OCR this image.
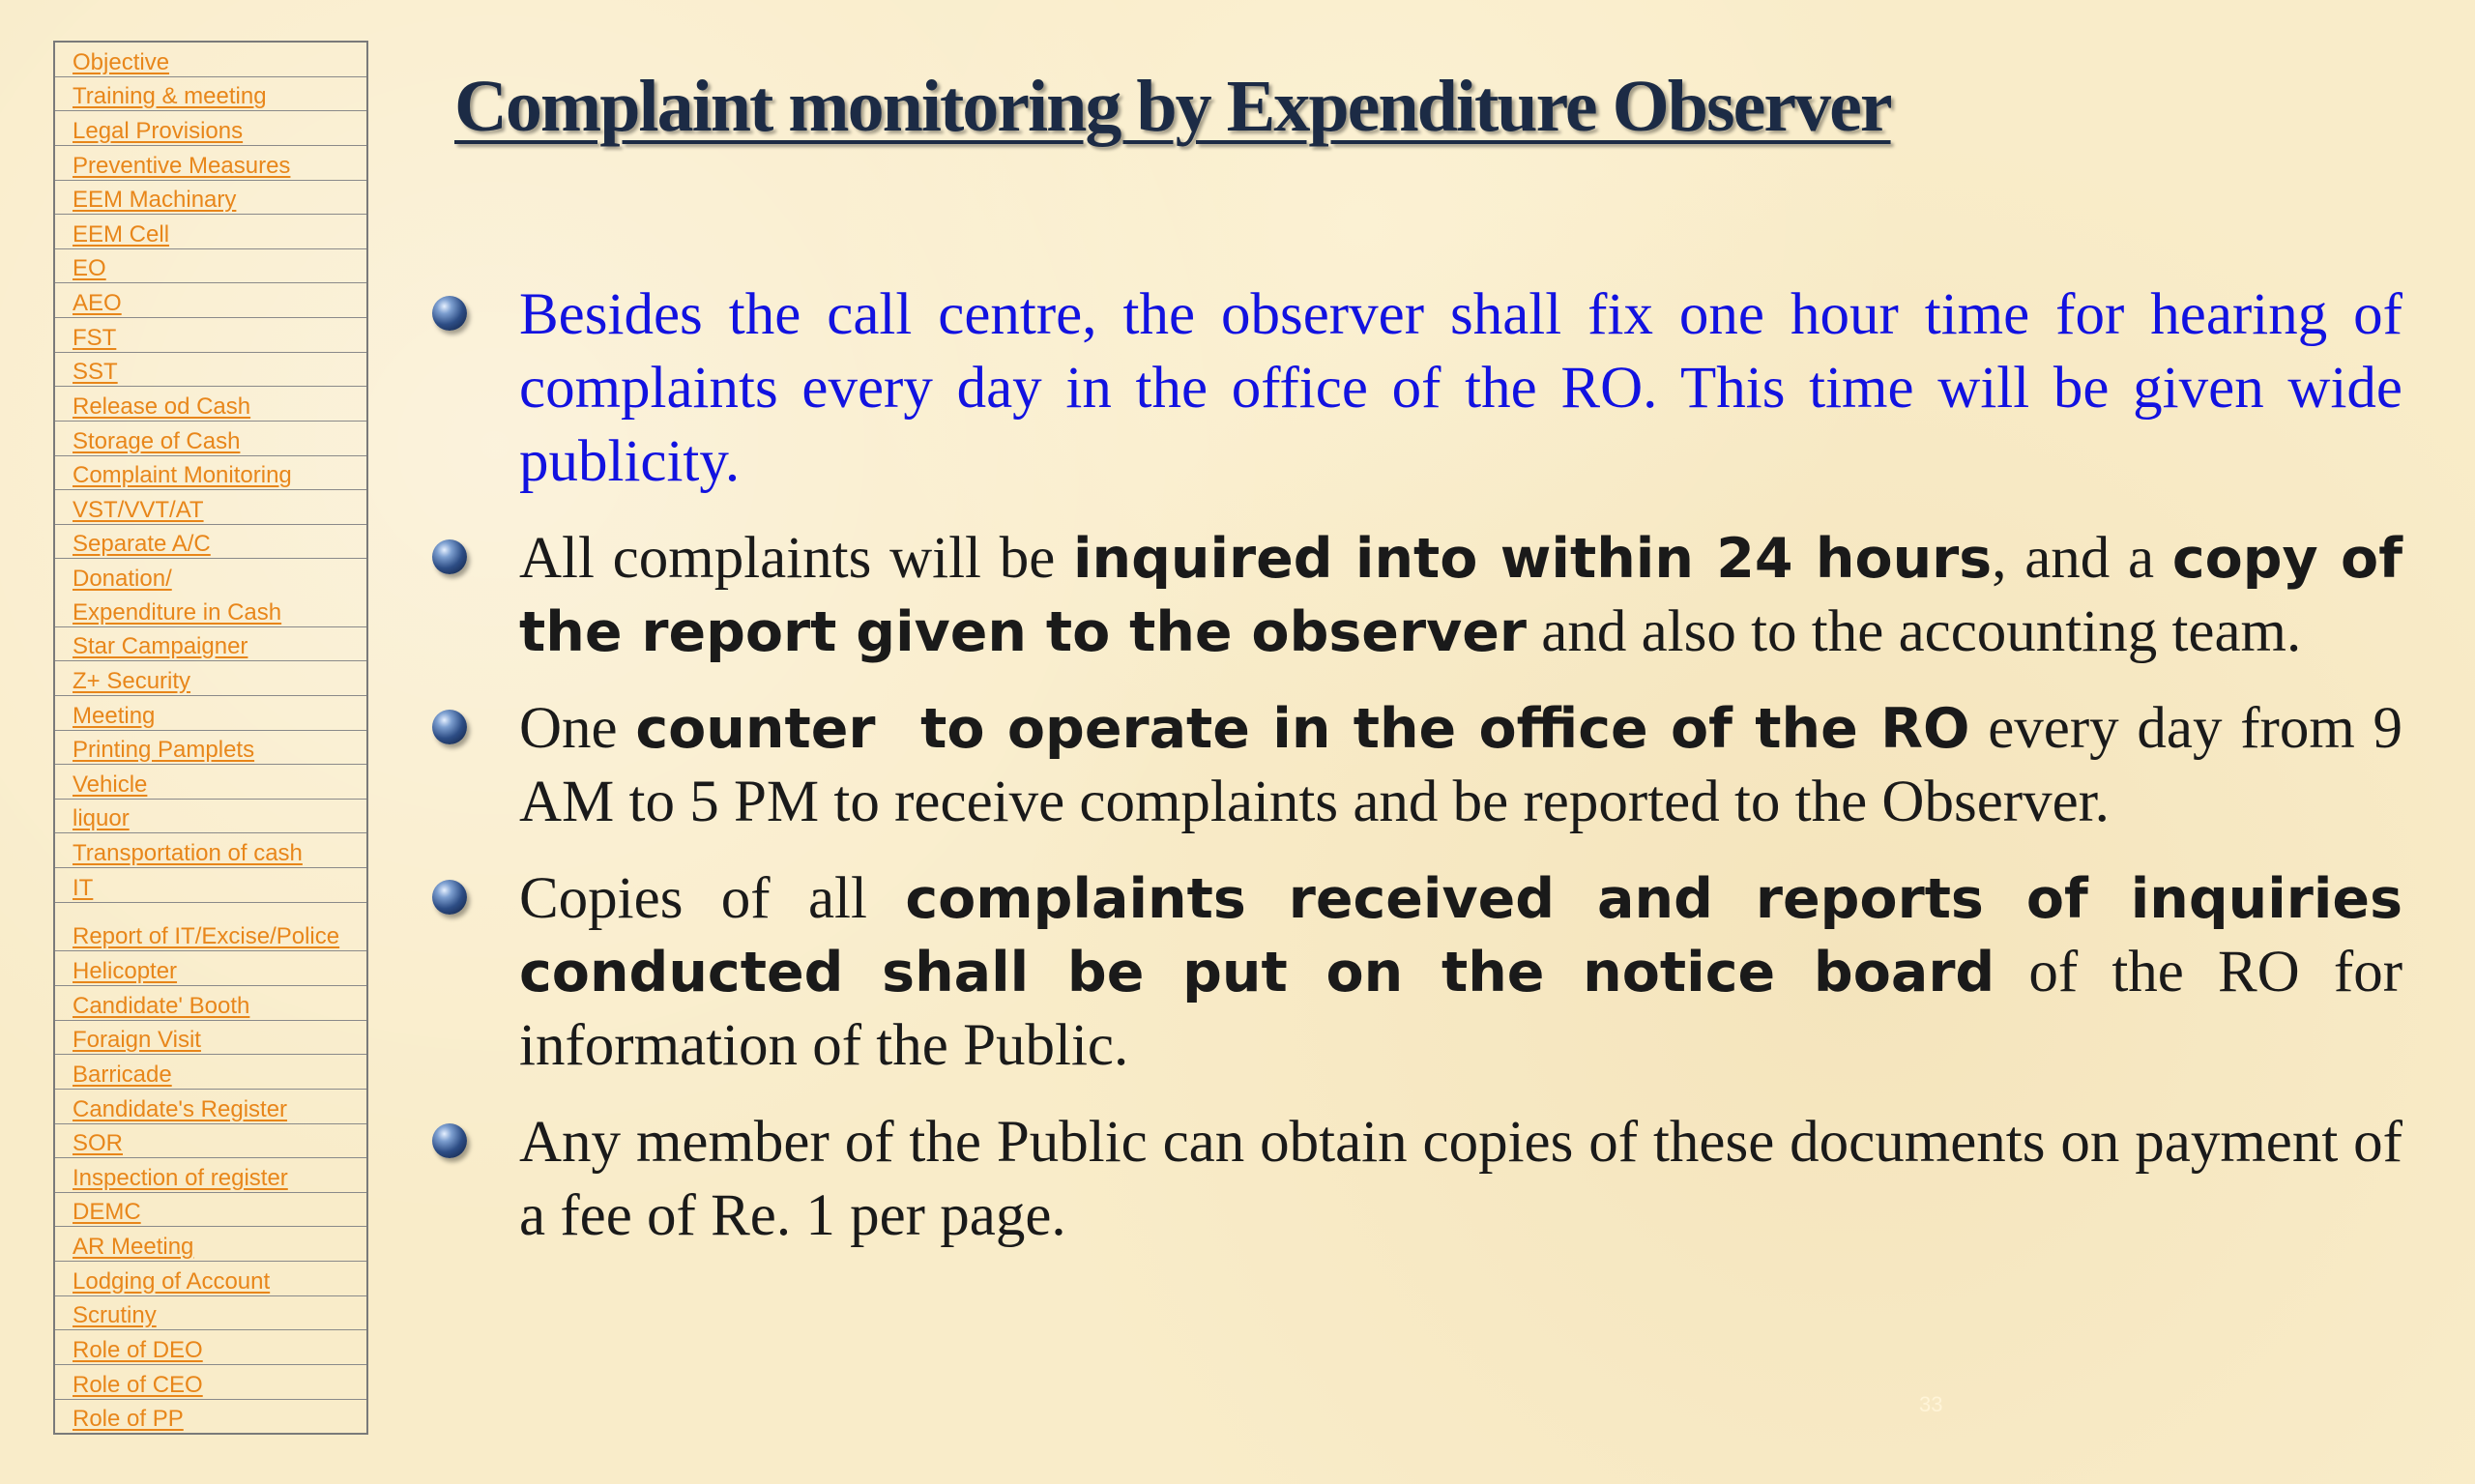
Objective
Training & meeting
Legal Provisions
Preventive Measures
EEM Machinary
EEM Cell
EO
AEO
FST
SST
Release od Cash
Storage of Cash
Complaint Monitoring
VST/VVT/AT
Separate A/C
Donation/
Expenditure in Cash
Star Campaigner
Z+ Security
Meeting
Printing Pamplets
Vehicle
liquor
Transportation of cash
IT
Report of IT/Excise/Police
Helicopter
Candidate' Booth
Foraign Visit
Barricade
Candidate's Register
SOR
Inspection of register
DEMC
AR Meeting
Lodging of Account
Scrutiny
Role of DEO
Role of CEO
Role of PP
Complaint monitoring by Expenditure Observer
Besides the call centre, the observer shall fix one hour time for hearing of complaints every day in the office of the RO. This time will be given wide publicity.
All complaints will be inquired into within 24 hours, and a copy of the report given to the observer and also to the accounting team.
One counter  to operate in the office of the RO every day from 9 AM to 5 PM to receive complaints and be reported to the Observer.
Copies of all complaints received and reports of inquiries conducted shall be put on the notice board of the RO for information of the Public.
Any member of the Public can obtain copies of these documents on payment of a fee of Re. 1 per page.
33
